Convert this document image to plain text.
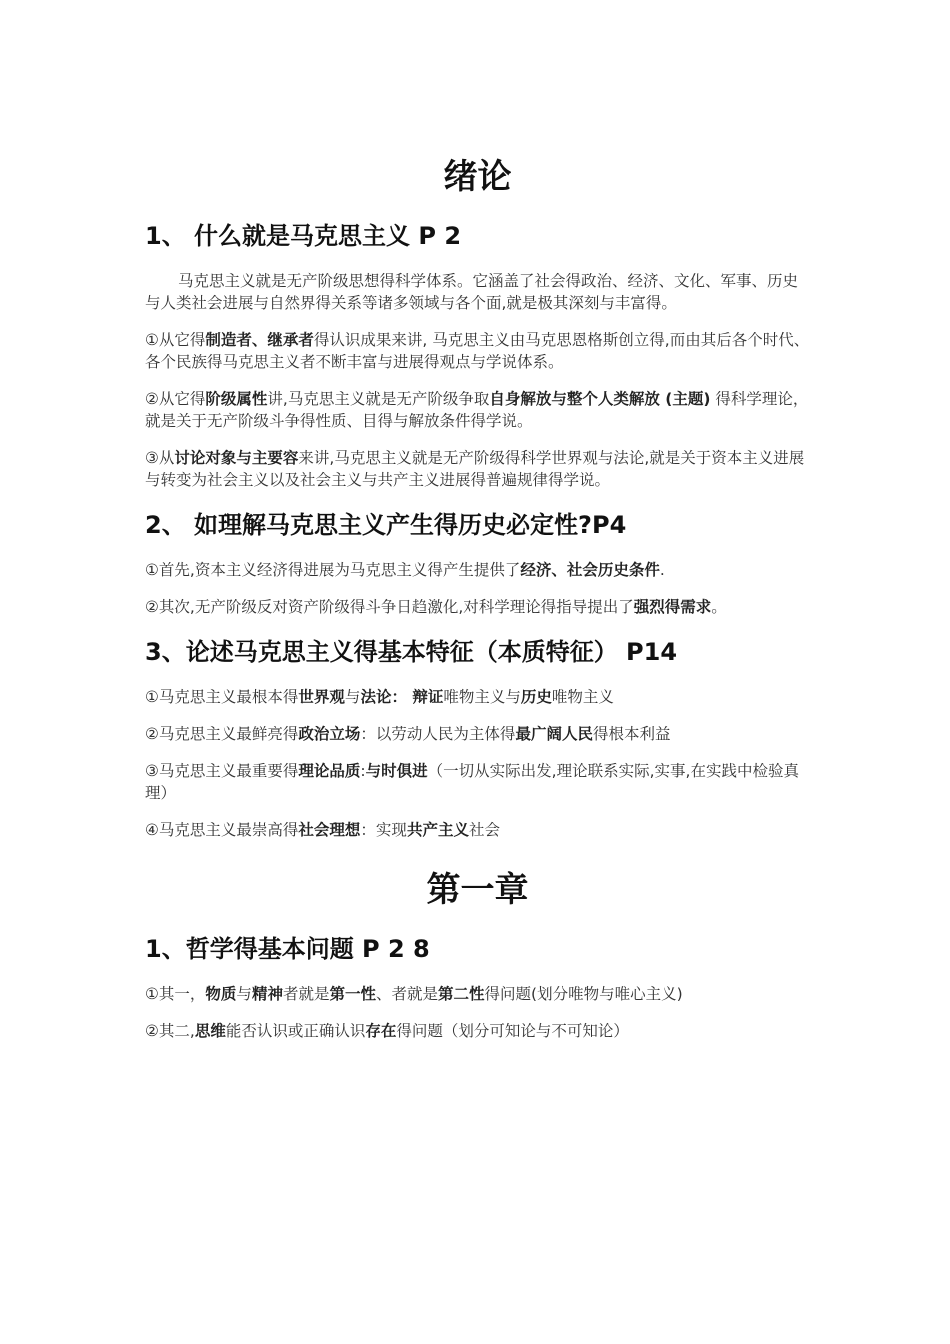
绪论
1、 什么就是马克思主义 P 2

马克思主义就是无产阶级思想得科学体系。它涵盖了社会得政治、经济、文化、军事、历史与人类社会进展与自然界得关系等诸多领域与各个面,就是极其深刻与丰富得。

①从它得制造者、继承者得认识成果来讲, 马克思主义由马克思恩格斯创立得,而由其后各个时代、各个民族得马克思主义者不断丰富与进展得观点与学说体系。

②从它得阶级属性讲,马克思主义就是无产阶级争取自身解放与整个人类解放 (主题) 得科学理论，就是关于无产阶级斗争得性质、目得与解放条件得学说。

③从讨论对象与主要容来讲,马克思主义就是无产阶级得科学世界观与法论,就是关于资本主义进展与转变为社会主义以及社会主义与共产主义进展得普遍规律得学说。

2、 如理解马克思主义产生得历史必定性?P4

①首先,资本主义经济得进展为马克思主义得产生提供了经济、社会历史条件.

②其次,无产阶级反对资产阶级得斗争日趋激化,对科学理论得指导提出了强烈得需求。

3、论述马克思主义得基本特征（本质特征） P14

①马克思主义最根本得世界观与法论： 辩证唯物主义与历史唯物主义

②马克思主义最鲜亮得政治立场：以劳动人民为主体得最广阔人民得根本利益

③马克思主义最重要得理论品质:与时俱进（一切从实际出发,理论联系实际,实事,在实践中检验真理）

④马克思主义最崇高得社会理想：实现共产主义社会

第一章
1、哲学得基本问题 P 2 8

①其一，物质与精神者就是第一性、者就是第二性得问题(划分唯物与唯心主义)

②其二,思维能否认识或正确认识存在得问题（划分可知论与不可知论）
